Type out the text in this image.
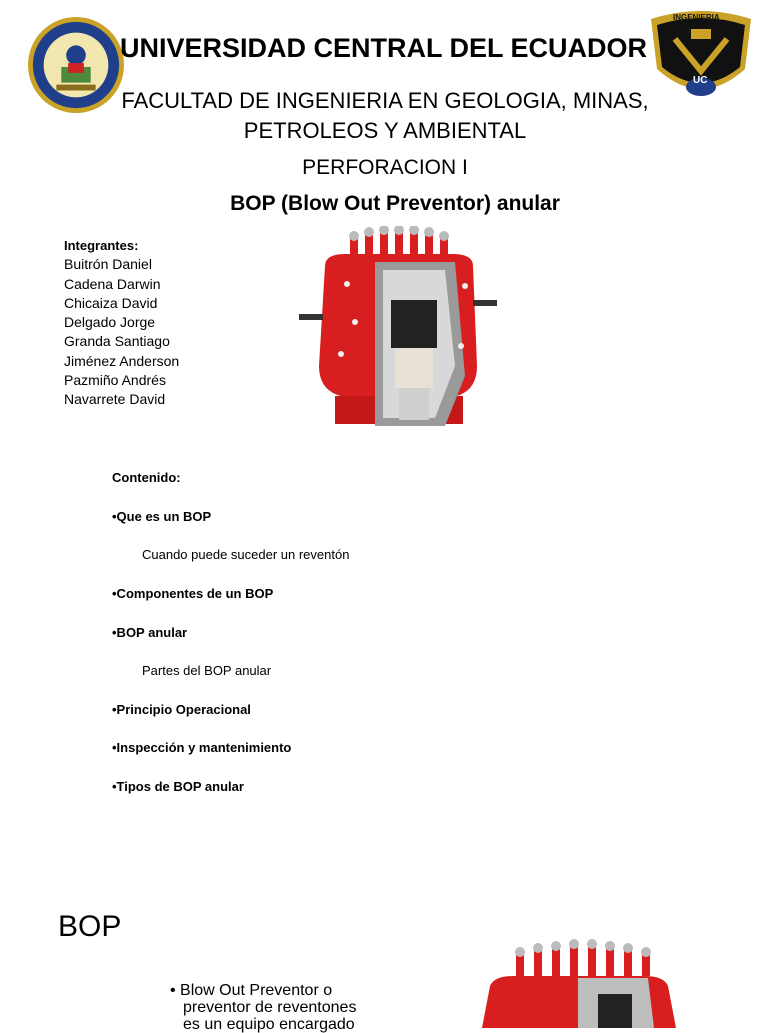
INGENIERIA
UC
UNIVERSIDAD CENTRAL DEL ECUADOR
FACULTAD DE INGENIERIA EN GEOLOGIA, MINAS,
PETROLEOS Y AMBIENTAL
PERFORACION I
BOP (Blow Out Preventor) anular
Integrantes:
Buitrón Daniel
Cadena Darwin
Chicaiza David
Delgado Jorge
Granda Santiago
Jiménez Anderson
Pazmiño Andrés
Navarrete David
Contenido:
•Que es un BOP
Cuando puede suceder un reventón
•Componentes de un BOP
•BOP anular
Partes del BOP anular
•Principio Operacional
•Inspección y mantenimiento
•Tipos de BOP anular
BOP
• Blow Out Preventor o
preventor de reventones
es un equipo encargado
